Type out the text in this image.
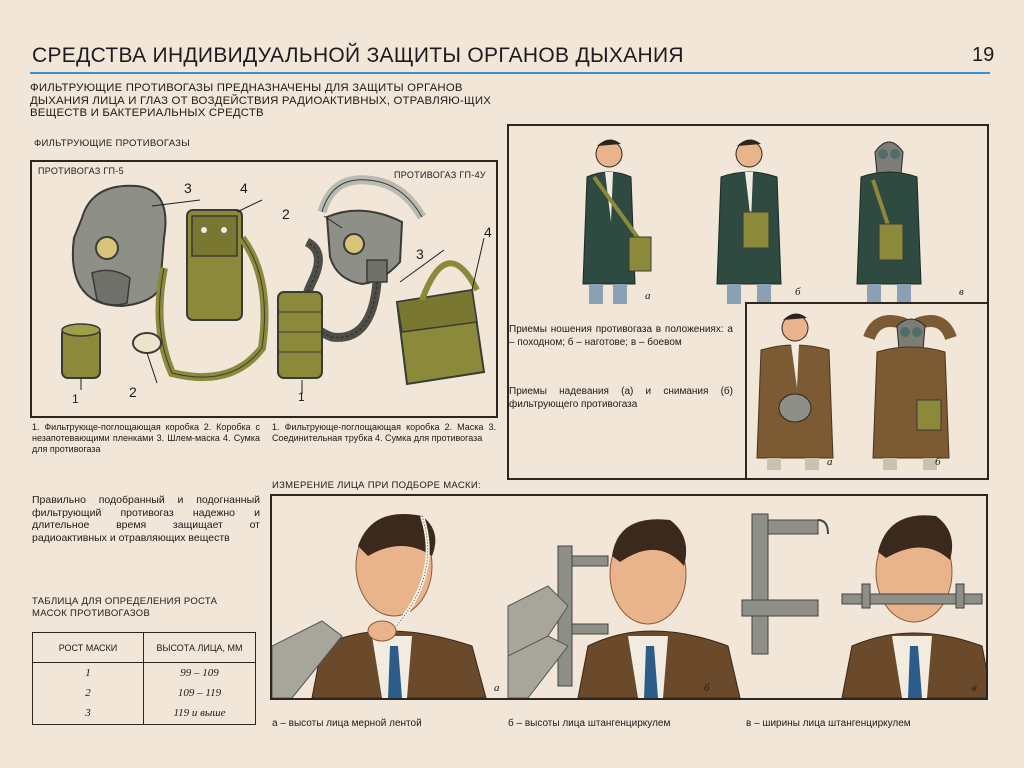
СРЕДСТВА ИНДИВИДУАЛЬНОЙ ЗАЩИТЫ ОРГАНОВ ДЫХАНИЯ	19
ФИЛЬТРУЮЩИЕ ПРОТИВОГАЗЫ ПРЕДНАЗНАЧЕНЫ ДЛЯ ЗАЩИТЫ ОРГАНОВ ДЫХАНИЯ ЛИЦА И ГЛАЗ ОТ ВОЗДЕЙСТВИЯ РАДИОАКТИВНЫХ, ОТРАВЛЯЮ-ЩИХ ВЕЩЕСТВ И БАКТЕРИАЛЬНЫХ СРЕДСТВ
ФИЛЬТРУЮЩИЕ ПРОТИВОГАЗЫ
ПРОТИВОГАЗ ГП-5	ПРОТИВОГАЗ ГП-4У
3	4
1	2
2
3
4
1
1. Фильтрующе-поглощающая коробка 2. Коробка с незапотевающими пленками 3. Шлем-маска 4. Сумка для противогаза
1. Фильтрующе-поглощающая коробка 2. Маска 3. Соединительная трубка 4. Сумка для противогаза
а	б	в
Приемы ношения противогаза в положениях: а – походном; б – наготове; в – боевом
Приемы надевания (а) и снимания (б) фильтрующего противогаза
а	б
Правильно подобранный и подогнанный фильтрующий противогаз надежно и длительное время защищает от радиоактивных и отравляющих веществ
ТАБЛИЦА ДЛЯ ОПРЕДЕЛЕНИЯ РОСТА МАСОК ПРОТИВОГАЗОВ
РОСТ МАСКИ	ВЫСОТА ЛИЦА, ММ
1	99 – 109
2	109 – 119
3	119 и выше
ИЗМЕРЕНИЕ ЛИЦА ПРИ ПОДБОРЕ МАСКИ:
а	б	в
а – высоты лица мерной лентой	б – высоты лица штангенциркулем	в – ширины лица штангенциркулем
